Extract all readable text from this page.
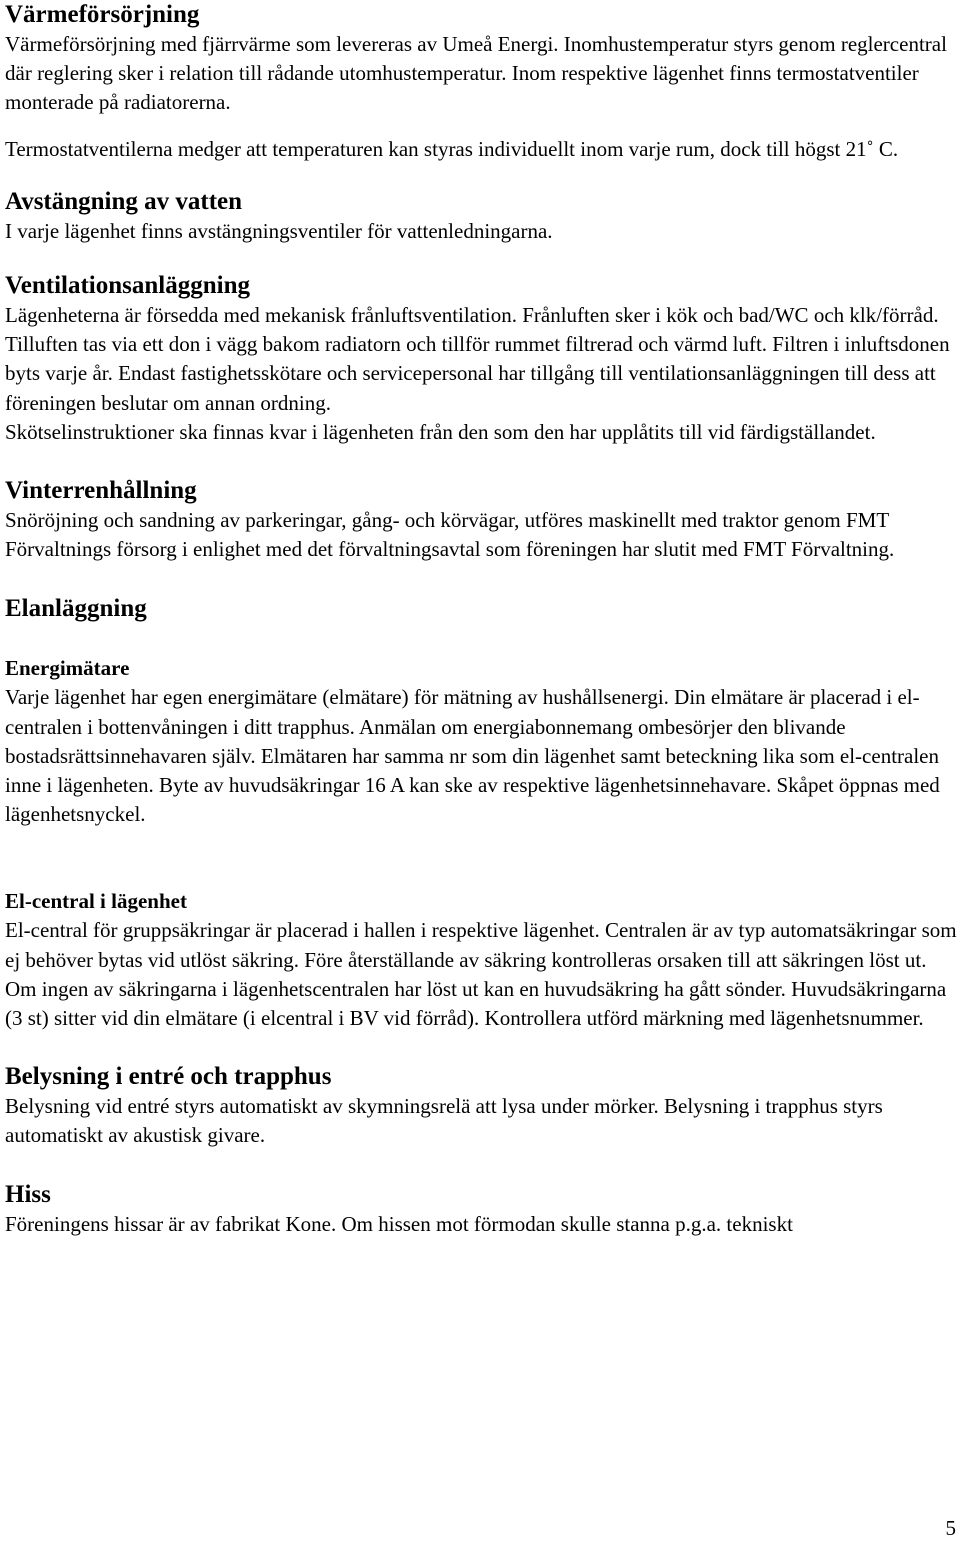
Värmeförsörjning

Värmeförsörjning med fjärrvärme som levereras av Umeå Energi. Inomhustemperatur styrs genom reglercentral där reglering sker i relation till rådande utomhustemperatur. Inom respektive lägenhet finns termostatventiler monterade på radiatorerna.

Termostatventilerna medger att temperaturen kan styras individuellt inom varje rum, dock till högst 21˚ C.

Avstängning av vatten

I varje lägenhet finns avstängningsventiler för vattenledningarna.

Ventilationsanläggning

Lägenheterna är försedda med mekanisk frånluftsventilation. Frånluften sker i kök och bad/WC och klk/förråd. Tilluften tas via ett don i vägg bakom radiatorn och tillför rummet filtrerad och värmd luft. Filtren i inluftsdonen byts varje år. Endast fastighetsskötare och servicepersonal har tillgång till ventilationsanläggningen till dess att föreningen beslutar om annan ordning.

Skötselinstruktioner ska finnas kvar i lägenheten från den som den har upplåtits till vid färdigställandet.

Vinterrenhållning

Snöröjning och sandning av parkeringar, gång- och körvägar, utföres maskinellt med traktor genom FMT Förvaltnings försorg i enlighet med det förvaltningsavtal som föreningen har slutit med FMT Förvaltning.

Elanläggning
Energimätare

Varje lägenhet har egen energimätare (elmätare) för mätning av hushållsenergi. Din elmätare är placerad i el-centralen i bottenvåningen i ditt trapphus. Anmälan om energiabonnemang ombesörjer den blivande bostadsrättsinnehavaren själv. Elmätaren har samma nr som din lägenhet samt beteckning lika som el-centralen inne i lägenheten. Byte av huvudsäkringar 16 A kan ske av respektive lägenhetsinnehavare. Skåpet öppnas med lägenhetsnyckel.

El-central i lägenhet

El-central för gruppsäkringar är placerad i hallen i respektive lägenhet. Centralen är av typ automatsäkringar som ej behöver bytas vid utlöst säkring. Före återställande av säkring kontrolleras orsaken till att säkringen löst ut. Om ingen av säkringarna i lägenhetscentralen har löst ut kan en huvudsäkring ha gått sönder. Huvudsäkringarna (3 st) sitter vid din elmätare (i elcentral i BV vid förråd). Kontrollera utförd märkning med lägenhetsnummer.

Belysning i entré och trapphus

Belysning vid entré styrs automatiskt av skymningsrelä att lysa under mörker. Belysning i trapphus styrs automatiskt av akustisk givare.

Hiss

Föreningens hissar är av fabrikat Kone. Om hissen mot förmodan skulle stanna p.g.a. tekniskt

5
